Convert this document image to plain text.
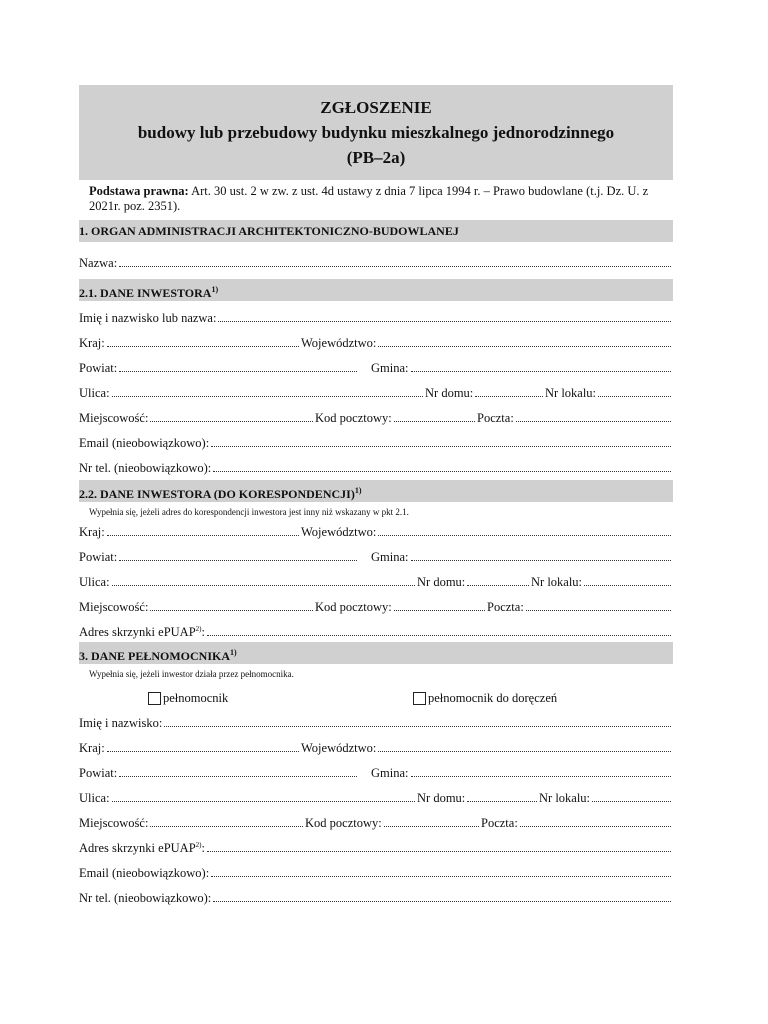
ZGŁOSZENIE
budowy lub przebudowy budynku mieszkalnego jednorodzinnego
(PB–2a)
Podstawa prawna: Art. 30 ust. 2 w zw. z ust. 4d ustawy z dnia 7 lipca 1994 r. – Prawo budowlane (t.j. Dz. U. z 2021r. poz. 2351).
1. ORGAN ADMINISTRACJI ARCHITEKTONICZNO-BUDOWLANEJ
Nazwa:
2.1. DANE INWESTORA$^{1)}$
Imię i nazwisko lub nazwa:
Kraj:	Województwo:
Powiat:	Gmina:
Ulica:	Nr domu:	Nr lokalu:
Miejscowość:	Kod pocztowy:	Poczta:
Email (nieobowiązkowo):
Nr tel. (nieobowiązkowo):
2.2. DANE INWESTORA (DO KORESPONDENCJI)$^{1)}$
Wypełnia się, jeżeli adres do korespondencji inwestora jest inny niż wskazany w pkt 2.1.
Kraj:	Województwo:
Powiat:	Gmina:
Ulica:	Nr domu:	Nr lokalu:
Miejscowość:	Kod pocztowy:	Poczta:
Adres skrzynki ePUAP$^{2)}$:
3. DANE PEŁNOMOCNIKA$^{1)}$
Wypełnia się, jeżeli inwestor działa przez pełnomocnika.
pełnomocnik	pełnomocnik do doręczeń
Imię i nazwisko:
Kraj:	Województwo:
Powiat:	Gmina:
Ulica:	Nr domu:	Nr lokalu:
Miejscowość:	Kod pocztowy:	Poczta:
Adres skrzynki ePUAP$^{2)}$:
Email (nieobowiązkowo):
Nr tel. (nieobowiązkowo):
